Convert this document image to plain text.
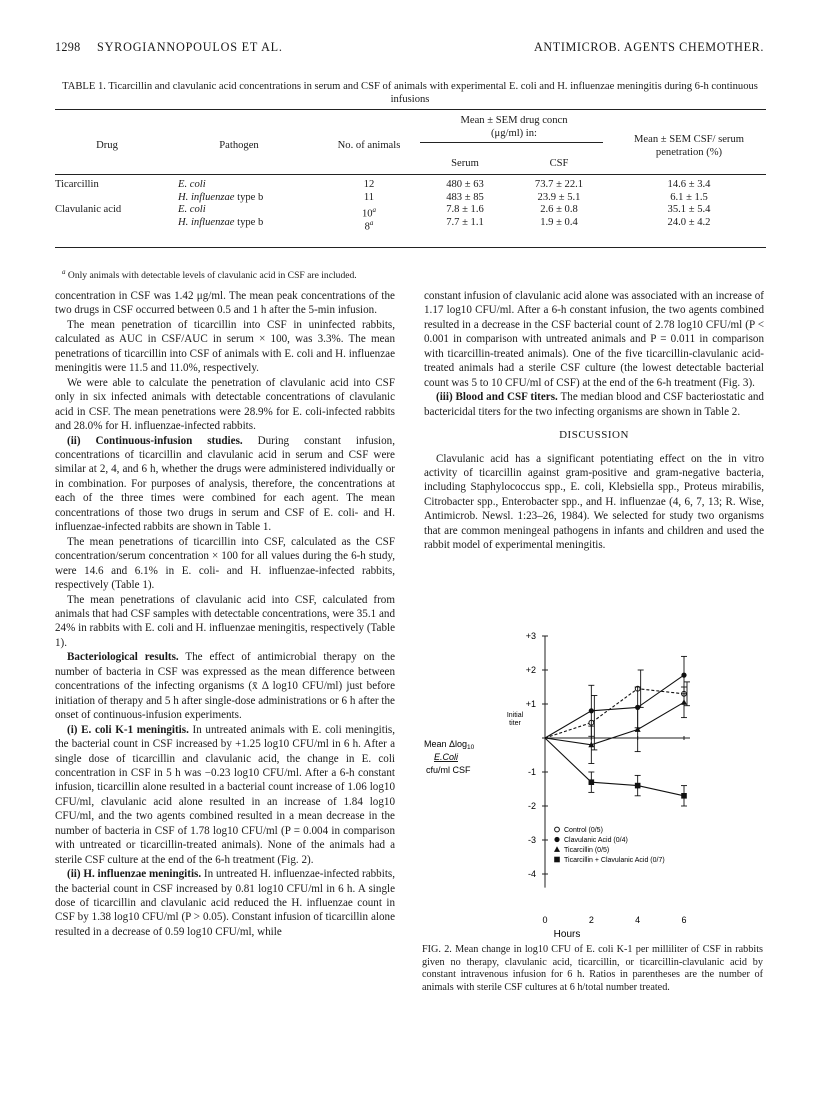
1298 SYROGIANNOPOULOS ET AL.	ANTIMICROB. AGENTS CHEMOTHER.
TABLE 1. Ticarcillin and clavulanic acid concentrations in serum and CSF of animals with experimental E. coli and H. influenzae meningitis during 6-h continuous infusions
Drug	Pathogen	No. of animals
Mean ± SEM drug concn (μg/ml) in:
Serum	CSF
Mean ± SEM CSF/ serum penetration (%)
Ticarcillin	E. coli	12	480 ± 63	73.7 ± 22.1	14.6 ± 3.4
H. influenzae type b	11	483 ± 85	23.9 ± 5.1	6.1 ± 1.5
Clavulanic acid	E. coli	10$^a$	7.8 ± 1.6	2.6 ± 0.8	35.1 ± 5.4
H. influenzae type b	8$^a$	7.7 ± 1.1	1.9 ± 0.4	24.0 ± 4.2
$^a$ Only animals with detectable levels of clavulanic acid in CSF are included.

concentration in CSF was 1.42 μg/ml. The mean peak concentrations of the two drugs in CSF occurred between 0.5 and 1 h after the 5-min infusion.

The mean penetration of ticarcillin into CSF in uninfected rabbits, calculated as AUC in CSF/AUC in serum × 100, was 3.3%. The mean penetrations of ticarcillin into CSF of animals with E. coli and H. influenzae meningitis were 11.5 and 11.0%, respectively.

We were able to calculate the penetration of clavulanic acid into CSF only in six infected animals with detectable concentrations of clavulanic acid in CSF. The mean penetrations were 28.9% for E. coli-infected rabbits and 28.0% for H. influenzae-infected rabbits.

(ii) Continuous-infusion studies. During constant infusion, concentrations of ticarcillin and clavulanic acid in serum and CSF were similar at 2, 4, and 6 h, whether the drugs were administered individually or in combination. For purposes of analysis, therefore, the concentrations at each of the three times were combined for each agent. The mean concentrations of those two drugs in serum and CSF of E. coli- and H. influenzae-infected rabbits are shown in Table 1.

The mean penetrations of ticarcillin into CSF, calculated as the CSF concentration/serum concentration × 100 for all values during the 6-h study, were 14.6 and 6.1% in E. coli- and H. influenzae-infected rabbits, respectively (Table 1).

The mean penetrations of clavulanic acid into CSF, calculated from animals that had CSF samples with detectable concentrations, were 35.1 and 24% in rabbits with E. coli and H. influenzae meningitis, respectively (Table 1).

Bacteriological results. The effect of antimicrobial therapy on the number of bacteria in CSF was expressed as the mean difference between concentrations of the infecting organisms (x̄ Δ log10 CFU/ml) just before initiation of therapy and 5 h after single-dose administrations or 6 h after the onset of continuous-infusion experiments.

(i) E. coli K-1 meningitis. In untreated animals with E. coli meningitis, the bacterial count in CSF increased by +1.25 log10 CFU/ml in 6 h. After a single dose of ticarcillin and clavulanic acid, the change in E. coli concentration in CSF in 5 h was −0.23 log10 CFU/ml. After a 6-h constant infusion, ticarcillin alone resulted in a bacterial count increase of 1.06 log10 CFU/ml, clavulanic acid alone resulted in an increase of 1.84 log10 CFU/ml, and the two agents combined resulted in a mean decrease in the number of bacteria in CSF of 1.78 log10 CFU/ml (P = 0.004 in comparison with untreated or ticarcillin-treated animals). None of the animals had a sterile CSF culture at the end of the 6-h treatment (Fig. 2).

(ii) H. influenzae meningitis. In untreated H. influenzae-infected rabbits, the bacterial count in CSF increased by 0.81 log10 CFU/ml in 6 h. A single dose of ticarcillin and clavulanic acid reduced the H. influenzae count in CSF by 1.38 log10 CFU/ml (P > 0.05). Constant infusion of ticarcillin alone resulted in a decrease of 0.59 log10 CFU/ml, while

constant infusion of clavulanic acid alone was associated with an increase of 1.17 log10 CFU/ml. After a 6-h constant infusion, the two agents combined resulted in a decrease in the CSF bacterial count of 2.78 log10 CFU/ml (P < 0.001 in comparison with untreated animals and P = 0.011 in comparison with ticarcillin-treated animals). One of the five ticarcillin-clavulanic acid-treated animals had a sterile CSF culture (the lowest detectable bacterial count was 5 to 10 CFU/ml of CSF) at the end of the 6-h treatment (Fig. 3).

(iii) Blood and CSF titers. The median blood and CSF bacteriostatic and bactericidal titers for the two infecting organisms are shown in Table 2.

DISCUSSION

Clavulanic acid has a significant potentiating effect on the in vitro activity of ticarcillin against gram-positive and gram-negative bacteria, including Staphylococcus spp., E. coli, Klebsiella spp., Proteus mirabilis, Citrobacter spp., Enterobacter spp., and H. influenzae (4, 6, 7, 13; R. Wise, Antimicrob. Newsl. 1:23–26, 1984). We selected for study two organisms that are common meningeal pathogens in infants and children and used the rabbit model of experimental meningitis.

+3
+2
+1
-1
-2
-3
-4
0	2	4	6
Control (0/5)
Clavulanic Acid (0/4)
Ticarcillin (0/5)
Ticarcillin + Clavulanic Acid (0/7)
Hours
Mean Δlog$_{10}$
E.Coli
cfu/ml CSF
Initial
titer
FIG. 2. Mean change in log10 CFU of E. coli K-1 per milliliter of CSF in rabbits given no therapy, clavulanic acid, ticarcillin, or ticarcillin-clavulanic acid by constant intravenous infusion for 6 h. Ratios in parentheses are the number of animals with sterile CSF cultures at 6 h/total number treated.
